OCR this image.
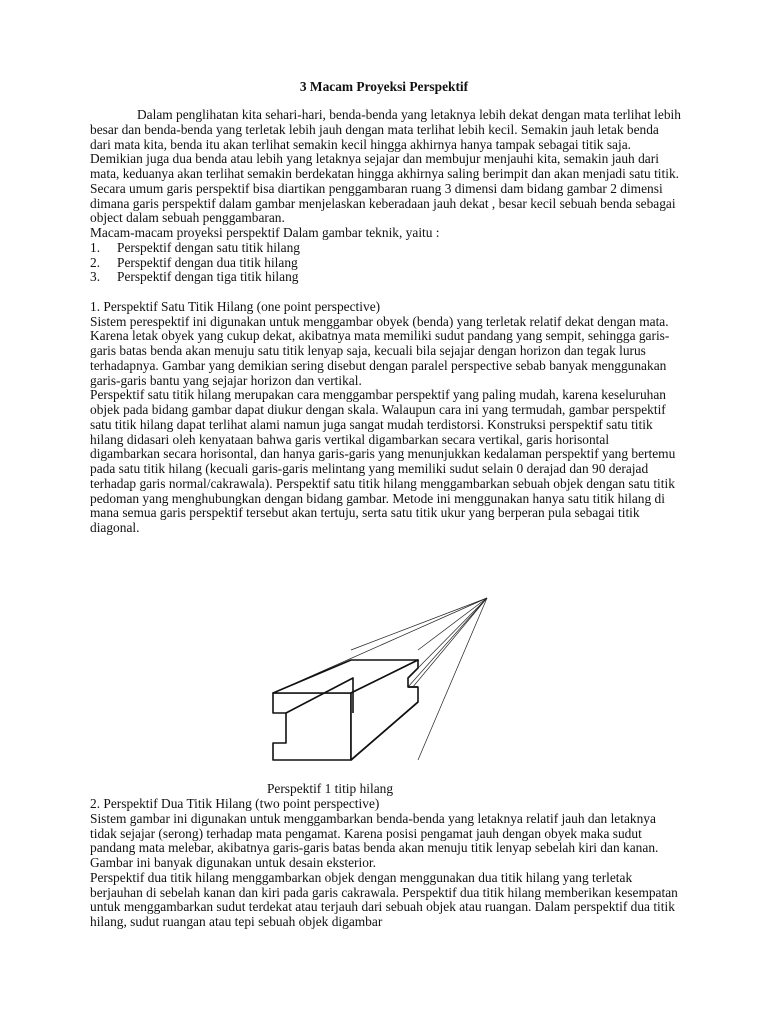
3 Macam Proyeksi Perspektif

Dalam penglihatan kita sehari-hari, benda-benda yang letaknya lebih dekat dengan mata terlihat lebih besar dan benda-benda yang terletak lebih jauh dengan mata terlihat lebih kecil. Semakin jauh letak benda dari mata kita, benda itu akan terlihat semakin kecil hingga akhirnya hanya tampak sebagai titik saja. Demikian juga dua benda atau lebih yang letaknya sejajar dan membujur menjauhi kita, semakin jauh dari mata, keduanya akan terlihat semakin berdekatan hingga akhirnya saling berimpit dan akan menjadi satu titik. Secara umum garis perspektif bisa diartikan penggambaran ruang 3 dimensi dam bidang gambar 2 dimensi dimana garis perspektif dalam gambar menjelaskan keberadaan jauh dekat , besar kecil sebuah benda sebagai object dalam sebuah penggambaran.

Macam-macam proyeksi perspektif Dalam gambar teknik, yaitu :

1. Perspektif dengan satu titik hilang
2. Perspektif dengan dua titik hilang
3. Perspektif dengan tiga titik hilang

1. Perspektif Satu Titik Hilang (one point perspective)

Sistem perespektif ini digunakan untuk menggambar obyek (benda) yang terletak relatif dekat dengan mata. Karena letak obyek yang cukup dekat, akibatnya mata memiliki sudut pandang yang sempit, sehingga garis-garis batas benda akan menuju satu titik lenyap saja, kecuali bila sejajar dengan horizon dan tegak lurus terhadapnya. Gambar yang demikian sering disebut dengan paralel perspective sebab banyak menggunakan garis-garis bantu yang sejajar horizon dan vertikal.

Perspektif satu titik hilang merupakan cara menggambar perspektif yang paling mudah, karena keseluruhan objek pada bidang gambar dapat diukur dengan skala. Walaupun cara ini yang termudah, gambar perspektif satu titik hilang dapat terlihat alami namun juga sangat mudah terdistorsi. Konstruksi perspektif satu titik hilang didasari oleh kenyataan bahwa garis vertikal digambarkan secara vertikal, garis horisontal digambarkan secara horisontal, dan hanya garis-garis yang menunjukkan kedalaman perspektif yang bertemu pada satu titik hilang (kecuali garis-garis melintang yang memiliki sudut selain 0 derajad dan 90 derajad terhadap garis normal/cakrawala). Perspektif satu titik hilang menggambarkan sebuah objek dengan satu titik pedoman yang menghubungkan dengan bidang gambar. Metode ini menggunakan hanya satu titik hilang di mana semua garis perspektif tersebut akan tertuju, serta satu titik ukur yang berperan pula sebagai titik diagonal.

Perspektif 1 titip hilang

2. Perspektif Dua Titik Hilang (two point perspective)

Sistem gambar ini digunakan untuk menggambarkan benda-benda yang letaknya relatif jauh dan letaknya tidak sejajar (serong) terhadap mata pengamat. Karena posisi pengamat jauh dengan obyek maka sudut pandang mata melebar, akibatnya garis-garis batas benda akan menuju titik lenyap sebelah kiri dan kanan. Gambar ini banyak digunakan untuk desain eksterior.

Perspektif dua titik hilang menggambarkan objek dengan menggunakan dua titik hilang yang terletak berjauhan di sebelah kanan dan kiri pada garis cakrawala. Perspektif dua titik hilang memberikan kesempatan untuk menggambarkan sudut terdekat atau terjauh dari sebuah objek atau ruangan. Dalam perspektif dua titik hilang, sudut ruangan atau tepi sebuah objek digambar
